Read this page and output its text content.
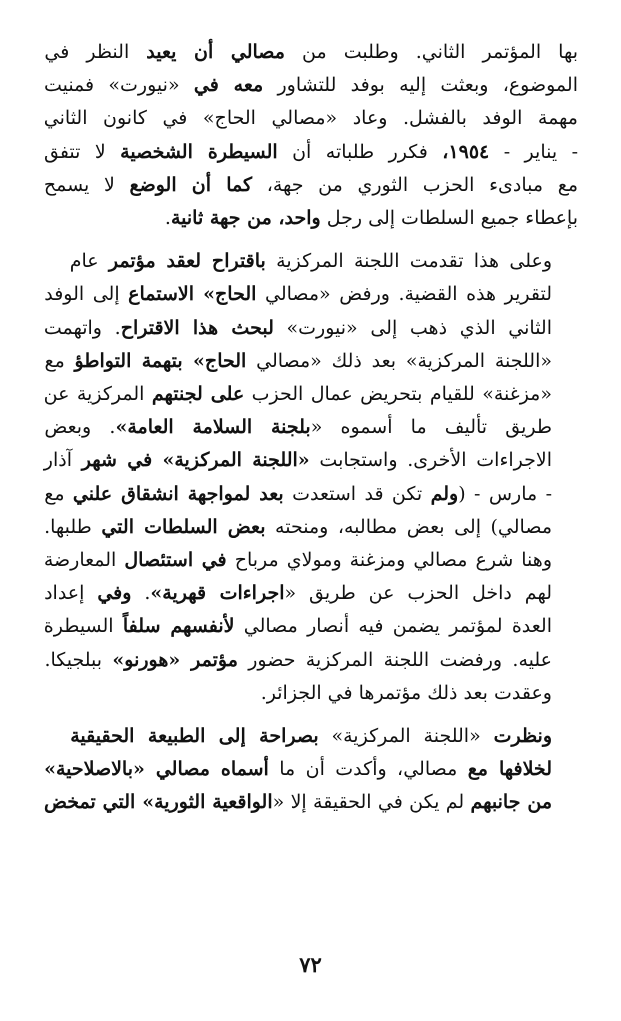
بها المؤتمر الثاني. وطلبت من مصالي أن يعيد النظر في
الموضوع، وبعثت إليه بوفد للتشاور معه في «نيورت» فمنيت
مهمة الوفد بالفشل. وعاد «مصالي الحاج» في كانون الثاني
- يناير - ١٩٥٤، فكرر طلباته أن السيطرة الشخصية لا تتفق
مع مبادىء الحزب الثوري من جهة، كما أن الوضع لا يسمح
بإعطاء جميع السلطات إلى رجل واحد، من جهة ثانية.

وعلى هذا تقدمت اللجنة المركزية باقتراح لعقد مؤتمر عام
لتقرير هذه القضية. ورفض «مصالي الحاج» الاستماع إلى الوفد
الثاني الذي ذهب إلى «نيورت» لبحث هذا الاقتراح. واتهمت
«اللجنة المركزية» بعد ذلك «مصالي الحاج» بتهمة التواطؤ مع
«مزغنة» للقيام بتحريض عمال الحزب على لجنتهم المركزية عن
طريق تأليف ما أسموه «بلجنة السلامة العامة». وبعض
الاجراءات الأخرى. واستجابت «اللجنة المركزية» في شهر آذار
- مارس - (ولم تكن قد استعدت بعد لمواجهة انشقاق علني مع
مصالي) إلى بعض مطالبه، ومنحته بعض السلطات التي طلبها.
وهنا شرع مصالي ومزغنة ومولاي مرباح في استئصال المعارضة
لهم داخل الحزب عن طريق «اجراءات قهرية». وفي إعداد
العدة لمؤتمر يضمن فيه أنصار مصالي لأنفسهم سلفاً السيطرة
عليه. ورفضت اللجنة المركزية حضور مؤتمر «هورنو» ببلجيكا.
وعقدت بعد ذلك مؤتمرها في الجزائر.

ونظرت «اللجنة المركزية» بصراحة إلى الطبيعة الحقيقية
لخلافها مع مصالي، وأكدت أن ما أسماه مصالي «بالاصلاحية»
من جانبهم لم يكن في الحقيقة إلا «الواقعية الثورية» التي تمخض

٧٢
